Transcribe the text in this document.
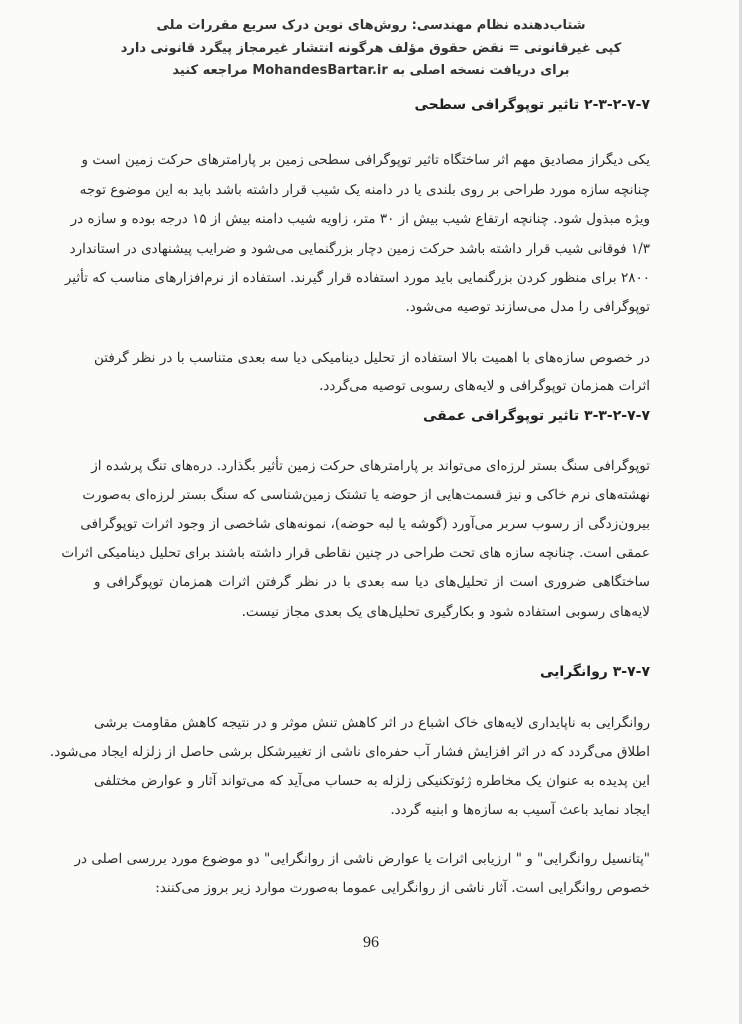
شتاب‌دهنده نظام مهندسی: روش‌های نوین درک سریع مقررات ملی
کپی غیرقانونی = نقض حقوق مؤلف هرگونه انتشار غیرمجاز پیگرد قانونی دارد
برای دریافت نسخه اصلی به MohandesBartar.ir مراجعه کنید
۲-۳-۲-۷-۷ تاثیر توپوگرافی سطحی
یکی دیگراز مصادیق مهم اثر ساختگاه تاثیر توپوگرافی سطحی زمین بر پارامترهای حرکت زمین است و
چنانچه سازه مورد طراحی بر روی بلندی یا در دامنه یک شیب قرار داشته باشد باید به این موضوع توجه
ویژه مبذول شود. چنانچه ارتفاع شیب بیش از ۳۰ متر، زاویه شیب دامنه بیش از ۱۵ درجه بوده و سازه در
۱/۳ فوقانی شیب قرار داشته باشد حرکت زمین دچار بزرگنمایی می‌شود و ضرایب پیشنهادی در استاندارد
۲۸۰۰ برای منظور کردن بزرگنمایی باید مورد استفاده قرار گیرند. استفاده از نرم‌افزارهای مناسب که تأثیر
توپوگرافی را مدل می‌سازند توصیه می‌شود.
در خصوص سازه‌های با اهمیت بالا استفاده از تحلیل دینامیکی دیا سه بعدی متناسب با در نظر گرفتن
اثرات همزمان توپوگرافی و لایه‌های رسوبی توصیه می‌گردد.
۳-۳-۲-۷-۷ تاثیر توپوگرافی عمقی
توپوگرافی سنگ بستر لرزه‌ای می‌تواند بر پارامترهای حرکت زمین تأثیر بگذارد. دره‌های تنگ پرشده از
نهشته‌های نرم خاکی و نیز قسمت‌هایی از حوضه یا تشتک زمین‌شناسی که سنگ بستر لرزه‌ای به‌صورت
بیرون‌زدگی از رسوب سربر می‌آورد (گوشه یا لبه حوضه)، نمونه‌های شاخصی از وجود اثرات توپوگرافی
عمقی است. چنانچه سازه های تحت طراحی در چنین نقاطی قرار داشته باشند برای تحلیل دینامیکی اثرات
ساختگاهی ضروری است از تحلیل‌های دیا سه بعدی با در نظر گرفتن اثرات همزمان توپوگرافی و
لایه‌های رسوبی استفاده شود و بکارگیری تحلیل‌های یک بعدی مجاز نیست.
۳-۷-۷ روانگرایی
روانگرایی به ناپایداری لایه‌های خاک اشباع در اثر کاهش تنش موثر و در نتیجه کاهش مقاومت برشی
اطلاق می‌گردد که در اثر افزایش فشار آب حفره‌ای ناشی از تغییرشکل برشی حاصل از زلزله ایجاد می‌شود.
این پدیده به عنوان یک مخاطره ژئوتکنیکی زلزله به حساب می‌آید که می‌تواند آثار و عوارض مختلفی
ایجاد نماید باعث آسیب به سازه‌ها و ابنیه گردد.
"پتانسیل روانگرایی" و " ارزیابی اثرات یا عوارض ناشی از روانگرایی" دو موضوع مورد بررسی اصلی در
خصوص روانگرایی است. آثار ناشی از روانگرایی عموما به‌صورت موارد زیر بروز می‌کنند:
96
